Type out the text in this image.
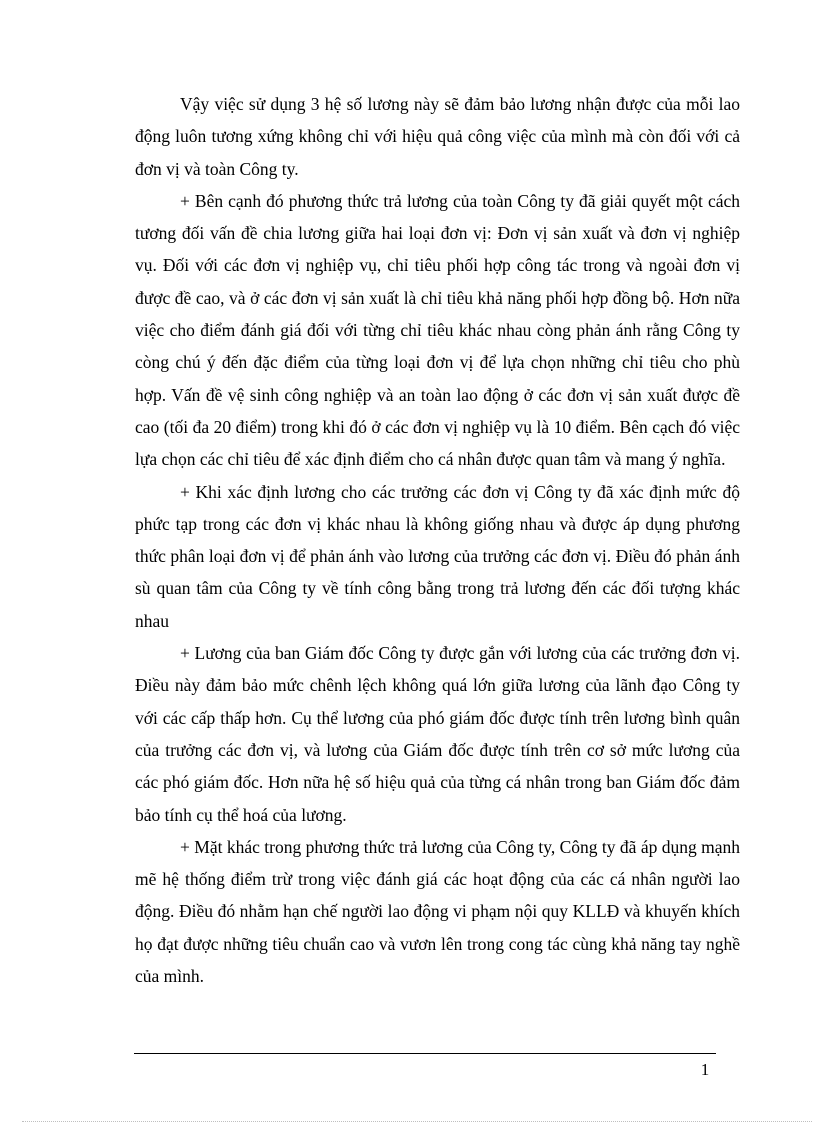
Vậy việc sử dụng 3 hệ số lương này sẽ đảm bảo lương nhận được của mỗi lao động luôn tương xứng không chỉ với hiệu quả công việc của mình mà còn đối với cả đơn vị và toàn Công ty.

+ Bên cạnh đó phương thức trả lương của toàn Công ty đã giải quyết một cách tương đối vấn đề chia lương giữa hai loại đơn vị: Đơn vị sản xuất và đơn vị nghiệp vụ. Đối với các đơn vị nghiệp vụ, chỉ tiêu phối hợp công tác trong và ngoài đơn vị được đề cao, và ở các đơn vị sản xuất là chỉ tiêu khả năng phối hợp đồng bộ. Hơn nữa việc cho điểm đánh giá đối với từng chỉ tiêu khác nhau còng phản ánh rằng Công ty còng chú ý đến đặc điểm của từng loại đơn vị để lựa chọn những chỉ tiêu cho phù hợp. Vấn đề vệ sinh công nghiệp và an toàn lao động ở các đơn vị sản xuất được đề cao (tối đa 20 điểm) trong khi đó ở các đơn vị nghiệp vụ là 10 điểm. Bên cạch đó việc lựa chọn các chỉ tiêu để xác định điểm cho cá nhân được quan tâm và mang ý nghĩa.

+ Khi xác định lương cho các trưởng các đơn vị Công ty đã xác định mức độ phức tạp trong các đơn vị khác nhau là không giống nhau và được áp dụng phương thức phân loại đơn vị để phản ánh vào lương của trưởng các đơn vị. Điều đó phản ánh sù quan tâm của Công ty về tính công bằng trong trả lương đến các đối tượng khác nhau

+ Lương của ban Giám đốc Công ty được gắn với lương của các trưởng đơn vị. Điều này đảm bảo mức chênh lệch không quá lớn giữa lương của lãnh đạo Công ty với các cấp thấp hơn. Cụ thể lương của phó giám đốc được tính trên lương bình quân của trưởng các đơn vị, và lương của Giám đốc được tính trên cơ sở mức lương của các phó giám đốc. Hơn nữa hệ số hiệu quả của từng cá nhân trong ban Giám đốc đảm bảo tính cụ thể hoá của lương.

+ Mặt khác trong phương thức trả lương của Công ty, Công ty đã áp dụng mạnh mẽ hệ thống điểm trừ trong việc đánh giá các hoạt động của các cá nhân người lao động. Điều đó nhằm hạn chế người lao động vi phạm nội quy KLLĐ và khuyến khích họ đạt được những tiêu chuẩn cao và vươn lên trong cong tác cùng khả năng tay nghề của mình.

1
